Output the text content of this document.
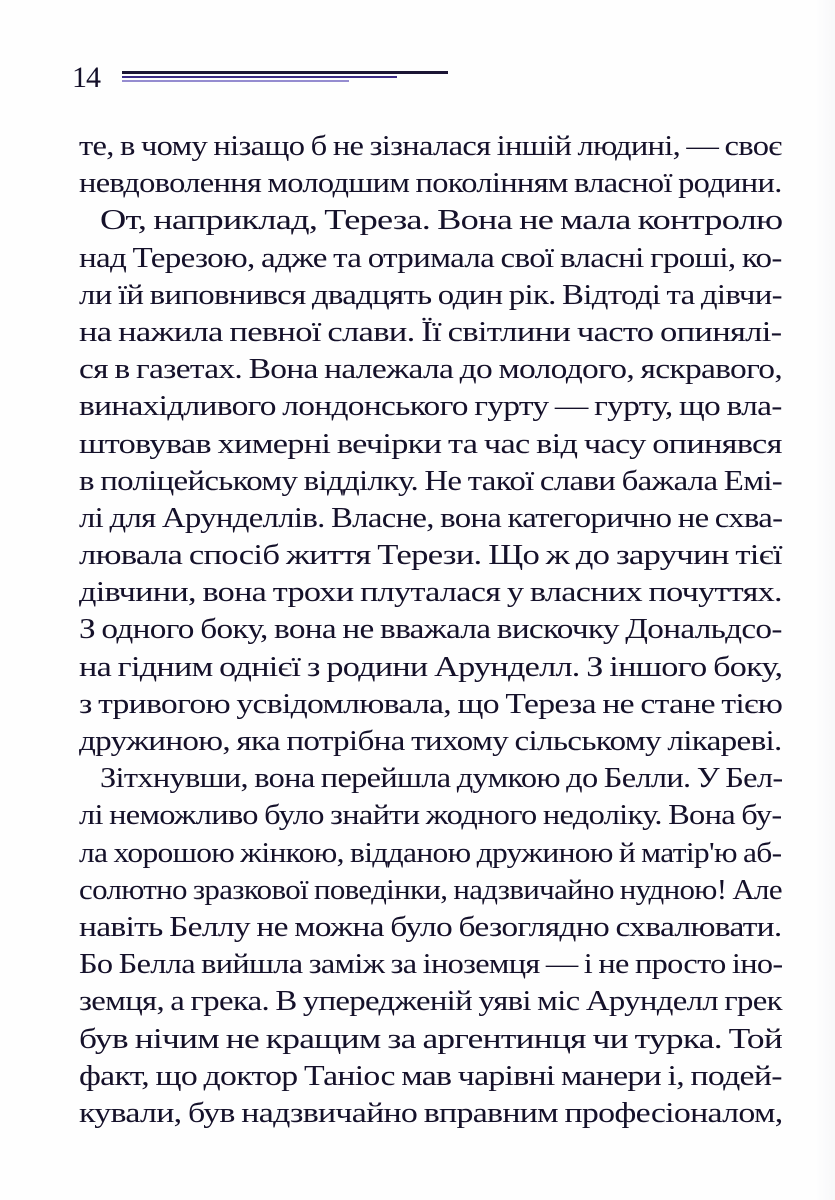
14
те, в чому нізащо б не зізналася іншій людині, — своє
невдоволення молодшим поколінням власної родини.
От, наприклад, Тереза. Вона не мала контролю
над Терезою, адже та отримала свої власні гроші, ко-
ли їй виповнився двадцять один рік. Відтоді та дівчи-
на нажила певної слави. Її світлини часто опинялі-
ся в газетах. Вона належала до молодого, яскравого,
винахідливого лондонського гурту — гурту, що вла-
штовував химерні вечірки та час від часу опинявся
в поліцейському відділку. Не такої слави бажала Емі-
лі для Арунделлів. Власне, вона категорично не схва-
лювала спосіб життя Терези. Що ж до заручин тієї
дівчини, вона трохи плуталася у власних почуттях.
З одного боку, вона не вважала вискочку Дональдсо-
на гідним однієї з родини Арунделл. З іншого боку,
з тривогою усвідомлювала, що Тереза не стане тією
дружиною, яка потрібна тихому сільському лікареві.
Зітхнувши, вона перейшла думкою до Белли. У Бел-
лі неможливо було знайти жодного недоліку. Вона бу-
ла хорошою жінкою, відданою дружиною й матір'ю аб-
солютно зразкової поведінки, надзвичайно нудною! Але
навіть Беллу не можна було безоглядно схвалювати.
Бо Белла вийшла заміж за іноземця — і не просто іно-
земця, а грека. В упередженій уяві міс Арунделл грек
був нічим не кращим за аргентинця чи турка. Той
факт, що доктор Таніос мав чарівні манери і, подей-
кували, був надзвичайно вправним професіоналом,
